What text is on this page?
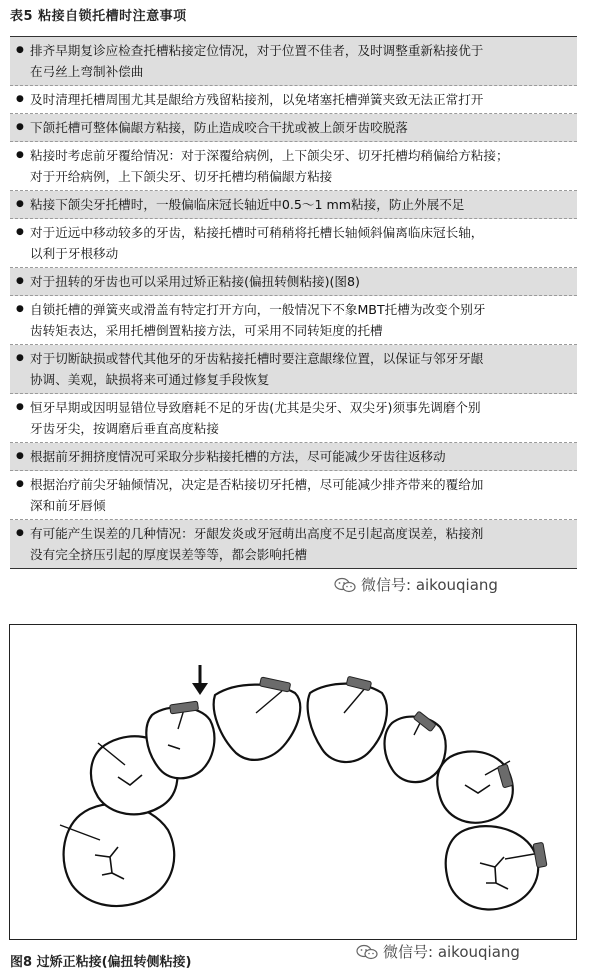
表5 粘接自锁托槽时注意事项
● 排齐早期复诊应检查托槽粘接定位情况，对于位置不佳者，及时调整重新粘接优于
在弓丝上弯制补偿曲
● 及时清理托槽周围尤其是龈给方残留粘接剂，以免堵塞托槽弹簧夹致无法正常打开
● 下颌托槽可整体偏龈方粘接，防止造成咬合干扰或被上颌牙齿咬脱落
● 粘接时考虑前牙覆给情况：对于深覆给病例，上下颌尖牙、切牙托槽均稍偏给方粘接；
对于开给病例，上下颌尖牙、切牙托槽均稍偏龈方粘接
● 粘接下颌尖牙托槽时，一般偏临床冠长轴近中0.5～1 mm粘接，防止外展不足
● 对于近远中移动较多的牙齿，粘接托槽时可稍稍将托槽长轴倾斜偏离临床冠长轴，
以利于牙根移动
● 对于扭转的牙齿也可以采用过矫正粘接(偏扭转侧粘接)(图8)
● 自锁托槽的弹簧夹或滑盖有特定打开方向，一般情况下不象MBT托槽为改变个别牙
齿转矩表达，采用托槽倒置粘接方法，可采用不同转矩度的托槽
● 对于切断缺损或替代其他牙的牙齿粘接托槽时要注意龈缘位置，以保证与邻牙牙龈
协调、美观，缺损将来可通过修复手段恢复
● 恒牙早期或因明显错位导致磨耗不足的牙齿(尤其是尖牙、双尖牙)须事先调磨个别
牙齿牙尖，按调磨后垂直高度粘接
● 根据前牙拥挤度情况可采取分步粘接托槽的方法，尽可能减少牙齿往返移动
● 根据治疗前尖牙轴倾情况，决定是否粘接切牙托槽，尽可能减少排齐带来的覆给加
深和前牙唇倾
● 有可能产生误差的几种情况：牙龈发炎或牙冠萌出高度不足引起高度误差，粘接剂
没有完全挤压引起的厚度误差等等，都会影响托槽
微信号: aikouqiang
微信号: aikouqiang
图8 过矫正粘接(偏扭转侧粘接)
